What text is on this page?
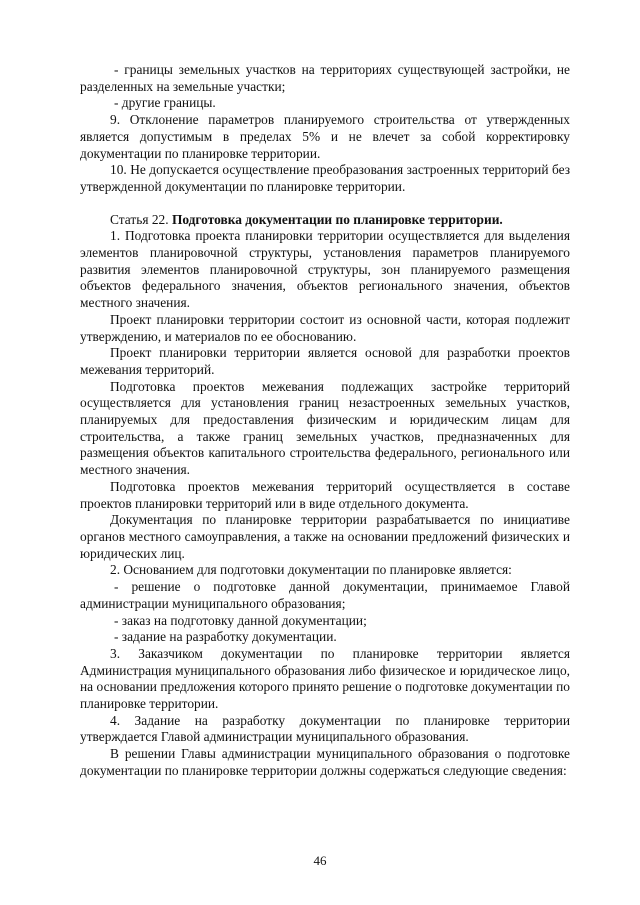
- границы земельных участков на территориях существующей застройки, не разделенных на земельные участки;

- другие границы.

9. Отклонение параметров планируемого строительства от утвержденных является допустимым в пределах 5% и не влечет за собой корректировку документации по планировке территории.

10. Не допускается осуществление преобразования застроенных территорий без утвержденной документации по планировке территории.

Статья 22. Подготовка документации по планировке территории.

1. Подготовка проекта планировки территории осуществляется для выделения элементов планировочной структуры, установления параметров планируемого развития элементов планировочной структуры, зон планируемого размещения объектов федерального значения, объектов регионального значения, объектов местного значения.

Проект планировки территории состоит из основной части, которая подлежит утверждению, и материалов по ее обоснованию.

Проект планировки территории является основой для разработки проектов межевания территорий.

Подготовка проектов межевания подлежащих застройке территорий осуществляется для установления границ незастроенных земельных участков, планируемых для предоставления физическим и юридическим лицам для строительства, а также границ земельных участков, предназначенных для размещения объектов капитального строительства федерального, регионального или местного значения.

Подготовка проектов межевания территорий осуществляется в составе проектов планировки территорий или в виде отдельного документа.

Документация по планировке территории разрабатывается по инициативе органов местного самоуправления, а также на основании предложений физических и юридических лиц.

2. Основанием для подготовки документации по планировке является:

- решение о подготовке данной документации, принимаемое Главой администрации муниципального образования;

- заказ на подготовку данной документации;

- задание на разработку документации.

3. Заказчиком документации по планировке территории является Администрация муниципального образования либо физическое и юридическое лицо, на основании предложения которого принято решение о подготовке документации по планировке территории.

4. Задание на разработку документации по планировке территории утверждается Главой администрации муниципального образования.

В решении Главы администрации муниципального образования о подготовке документации по планировке территории должны содержаться следующие сведения:

46
